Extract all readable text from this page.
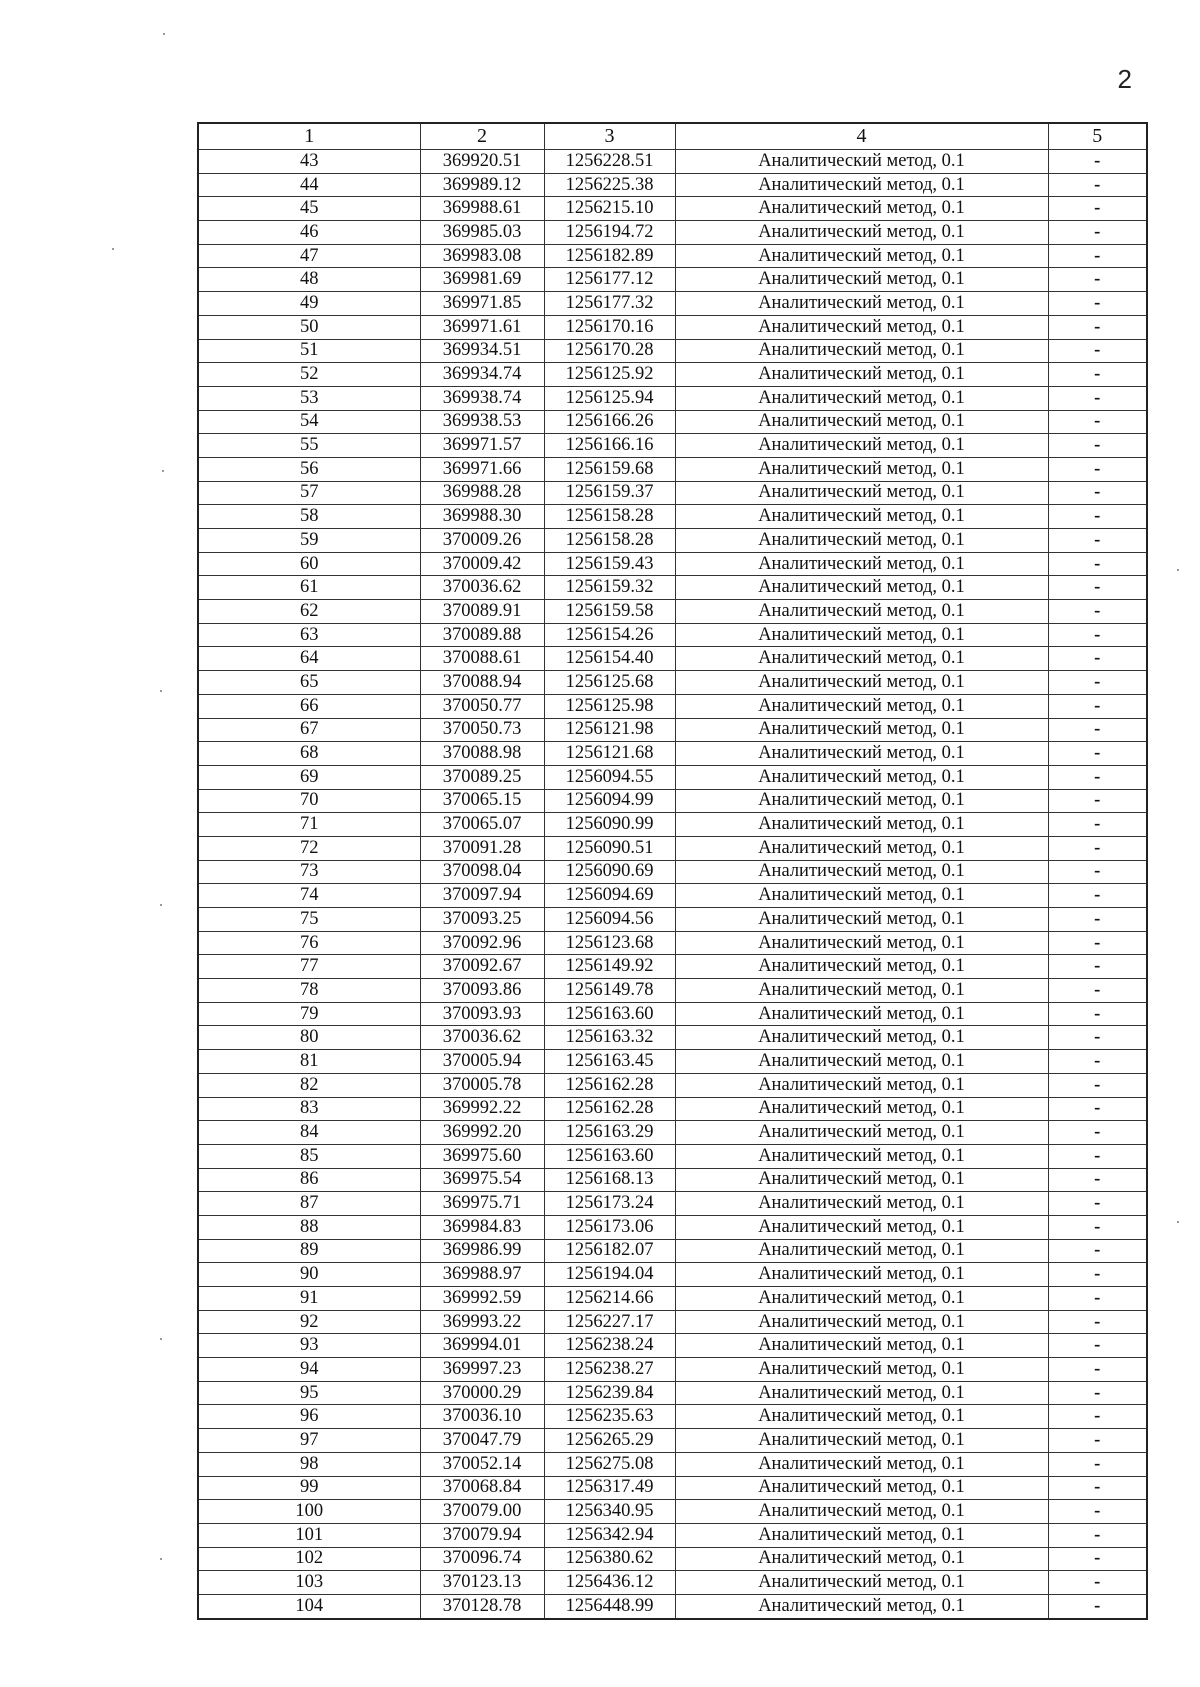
2
1	2	3	4	5
43	369920.51	1256228.51	Аналитический метод, 0.1	-
44	369989.12	1256225.38	Аналитический метод, 0.1	-
45	369988.61	1256215.10	Аналитический метод, 0.1	-
46	369985.03	1256194.72	Аналитический метод, 0.1	-
47	369983.08	1256182.89	Аналитический метод, 0.1	-
48	369981.69	1256177.12	Аналитический метод, 0.1	-
49	369971.85	1256177.32	Аналитический метод, 0.1	-
50	369971.61	1256170.16	Аналитический метод, 0.1	-
51	369934.51	1256170.28	Аналитический метод, 0.1	-
52	369934.74	1256125.92	Аналитический метод, 0.1	-
53	369938.74	1256125.94	Аналитический метод, 0.1	-
54	369938.53	1256166.26	Аналитический метод, 0.1	-
55	369971.57	1256166.16	Аналитический метод, 0.1	-
56	369971.66	1256159.68	Аналитический метод, 0.1	-
57	369988.28	1256159.37	Аналитический метод, 0.1	-
58	369988.30	1256158.28	Аналитический метод, 0.1	-
59	370009.26	1256158.28	Аналитический метод, 0.1	-
60	370009.42	1256159.43	Аналитический метод, 0.1	-
61	370036.62	1256159.32	Аналитический метод, 0.1	-
62	370089.91	1256159.58	Аналитический метод, 0.1	-
63	370089.88	1256154.26	Аналитический метод, 0.1	-
64	370088.61	1256154.40	Аналитический метод, 0.1	-
65	370088.94	1256125.68	Аналитический метод, 0.1	-
66	370050.77	1256125.98	Аналитический метод, 0.1	-
67	370050.73	1256121.98	Аналитический метод, 0.1	-
68	370088.98	1256121.68	Аналитический метод, 0.1	-
69	370089.25	1256094.55	Аналитический метод, 0.1	-
70	370065.15	1256094.99	Аналитический метод, 0.1	-
71	370065.07	1256090.99	Аналитический метод, 0.1	-
72	370091.28	1256090.51	Аналитический метод, 0.1	-
73	370098.04	1256090.69	Аналитический метод, 0.1	-
74	370097.94	1256094.69	Аналитический метод, 0.1	-
75	370093.25	1256094.56	Аналитический метод, 0.1	-
76	370092.96	1256123.68	Аналитический метод, 0.1	-
77	370092.67	1256149.92	Аналитический метод, 0.1	-
78	370093.86	1256149.78	Аналитический метод, 0.1	-
79	370093.93	1256163.60	Аналитический метод, 0.1	-
80	370036.62	1256163.32	Аналитический метод, 0.1	-
81	370005.94	1256163.45	Аналитический метод, 0.1	-
82	370005.78	1256162.28	Аналитический метод, 0.1	-
83	369992.22	1256162.28	Аналитический метод, 0.1	-
84	369992.20	1256163.29	Аналитический метод, 0.1	-
85	369975.60	1256163.60	Аналитический метод, 0.1	-
86	369975.54	1256168.13	Аналитический метод, 0.1	-
87	369975.71	1256173.24	Аналитический метод, 0.1	-
88	369984.83	1256173.06	Аналитический метод, 0.1	-
89	369986.99	1256182.07	Аналитический метод, 0.1	-
90	369988.97	1256194.04	Аналитический метод, 0.1	-
91	369992.59	1256214.66	Аналитический метод, 0.1	-
92	369993.22	1256227.17	Аналитический метод, 0.1	-
93	369994.01	1256238.24	Аналитический метод, 0.1	-
94	369997.23	1256238.27	Аналитический метод, 0.1	-
95	370000.29	1256239.84	Аналитический метод, 0.1	-
96	370036.10	1256235.63	Аналитический метод, 0.1	-
97	370047.79	1256265.29	Аналитический метод, 0.1	-
98	370052.14	1256275.08	Аналитический метод, 0.1	-
99	370068.84	1256317.49	Аналитический метод, 0.1	-
100	370079.00	1256340.95	Аналитический метод, 0.1	-
101	370079.94	1256342.94	Аналитический метод, 0.1	-
102	370096.74	1256380.62	Аналитический метод, 0.1	-
103	370123.13	1256436.12	Аналитический метод, 0.1	-
104	370128.78	1256448.99	Аналитический метод, 0.1	-
